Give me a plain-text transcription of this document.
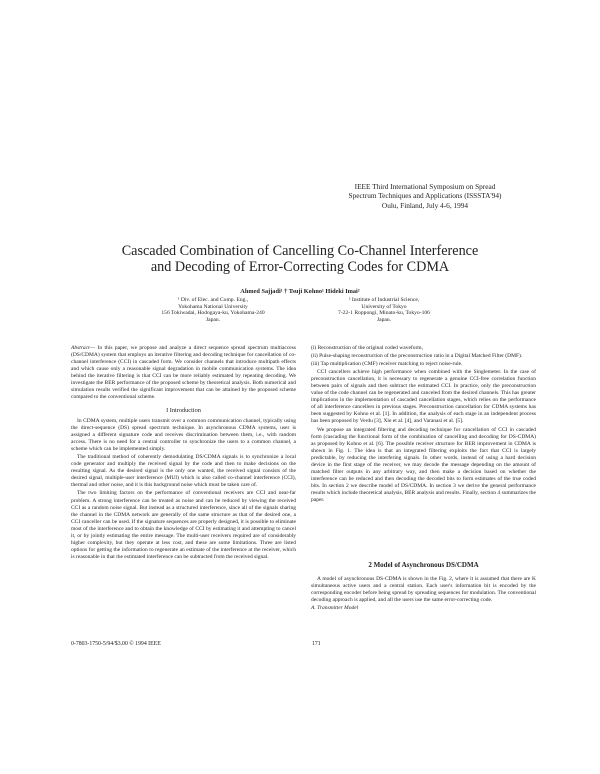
IEEE Third International Symposium on Spread
Spectrum Techniques and Applications (ISSSTA'94)
Oulu, Finland, July 4-6, 1994
Cascaded Combination of Cancelling Co-Channel Interference
and Decoding of Error-Correcting Codes for CDMA
Ahmed Sajjadi¹ † Tsuji Kohno¹ Hideki Imai²
¹ Div. of Elec. and Comp. Eng.,
Yokohama National University
156 Tokiwadai, Hodogaya-ku, Yokohama-240
Japan.
² Institute of Industrial Science,
University of Tokyo
7-22-1 Roppongi, Minato-ku, Tokyo-106
Japan.

Abstract— In this paper, we propose and analyze a direct sequence spread spectrum multiaccess (DS/CDMA) system that employs an iterative filtering and decoding technique for cancellation of co-channel interference (CCI) in cascaded form. We consider channels that introduce multipath effects and which cause only a reasonable signal degradation in mobile communication systems. The idea behind the iterative filtering is that CCI can be more reliably estimated by repeating decoding. We investigate the BER performance of the proposed scheme by theoretical analysis. Both numerical and simulation results verified the significant improvement that can be attained by the proposed scheme compared to the conventional scheme.

I Introduction

In CDMA system, multiple users transmit over a common communication channel, typically using the direct-sequence (DS) spread spectrum technique. In asynchronous CDMA systems, user is assigned a different signature code and receives discrimination between them, i.e., with random access. There is no need for a central controller to synchronize the users to a common channel, a scheme which can be implemented simply.

The traditional method of coherently demodulating DS/CDMA signals is to synchronize a local code generator and multiply the received signal by the code and then to make decisions on the resulting signal. As the desired signal is the only one wanted, the received signal consists of the desired signal, multiple-user interference (MUI) which is also called co-channel interference (CCI), thermal and other noise, and it is this background noise which must be taken care of.

The two limiting factors on the performance of conventional receivers are CCI and near-far problem. A strong interference can be treated as noise and can be reduced by viewing the received CCI as a random noise signal. But instead as a structured interference, since all of the signals sharing the channel in the CDMA network are generally of the same structure as that of the desired one, a CCI canceller can be used. If the signature sequences are properly designed, it is possible to eliminate most of the interference and to obtain the knowledge of CCI by estimating it and attempting to cancel it, or by jointly estimating the entire message. The multi-user receivers required are of considerably higher complexity, but they operate at less cost, and these are some limitations. Three are listed options for getting the information to regenerate an estimate of the interference at the receiver, which is reasonable in that the estimated interference can be subtracted from the received signal.

(i) Reconstruction of the original coded waveform,

(ii) Pulse-shaping reconstruction of the preconstruction ratio in a Digital Matched Filter (DMF).

(iii) Tap multiplication (CMF) receiver matching to reject noise-rule.

CCI cancellers achieve high performance when combined with the Singlemeter. In the case of preconstruction cancellation, it is necessary to regenerate a genuine CCI-free correlation function between pairs of signals and then subtract the estimated CCI. In practice, only the preconstruction value of the code channel can be regenerated and canceled from the desired channels. This has greater implications in the implementation of cascaded cancellation stages, which relies on the performance of all interference cancellers in previous stages. Preconstruction cancellation for CDMA systems has been suggested by Kohno et al. [1]. In addition, the analysis of each stage in an independent process has been proposed by Verdu [3], Xie et al. [4], and Varanasi et al. [5].

We propose an integrated filtering and decoding technique for cancellation of CCI in cascaded form (cascading the functional form of the combination of cancelling and decoding for DS-CDMA) as proposed by Kohno et al. [6]. The possible receiver structure for BER improvement in CDMA is shown in Fig. 1. The idea is that an integrated filtering exploits the fact that CCI is largely predictable, by reducing the interfering signals. In other words, instead of using a hard decision device in the first stage of the receiver, we may decode the message depending on the amount of matched filter outputs in any arbitrary way, and then make a decision based on whether the interference can be reduced and then decoding the decoded bits to form estimates of the true coded bits. In section 2 we describe model of DS/CDMA. In section 3 we derive the general performance results which include theoretical analysis, BER analysis and results. Finally, section 4 summarizes the paper.

2 Model of Asynchronous DS/CDMA

A model of asynchronous DS-CDMA is shown in the Fig. 2, where it is assumed that there are K simultaneous active users and a central station. Each user's information bit is encoded by the corresponding encoder before being spread by spreading sequences for modulation. The conventional decoding approach is applied, and all the users use the same error-correcting code.

A. Transmitter Model

0-7803-1750-5/94/$3.00 © 1994 IEEE	171
